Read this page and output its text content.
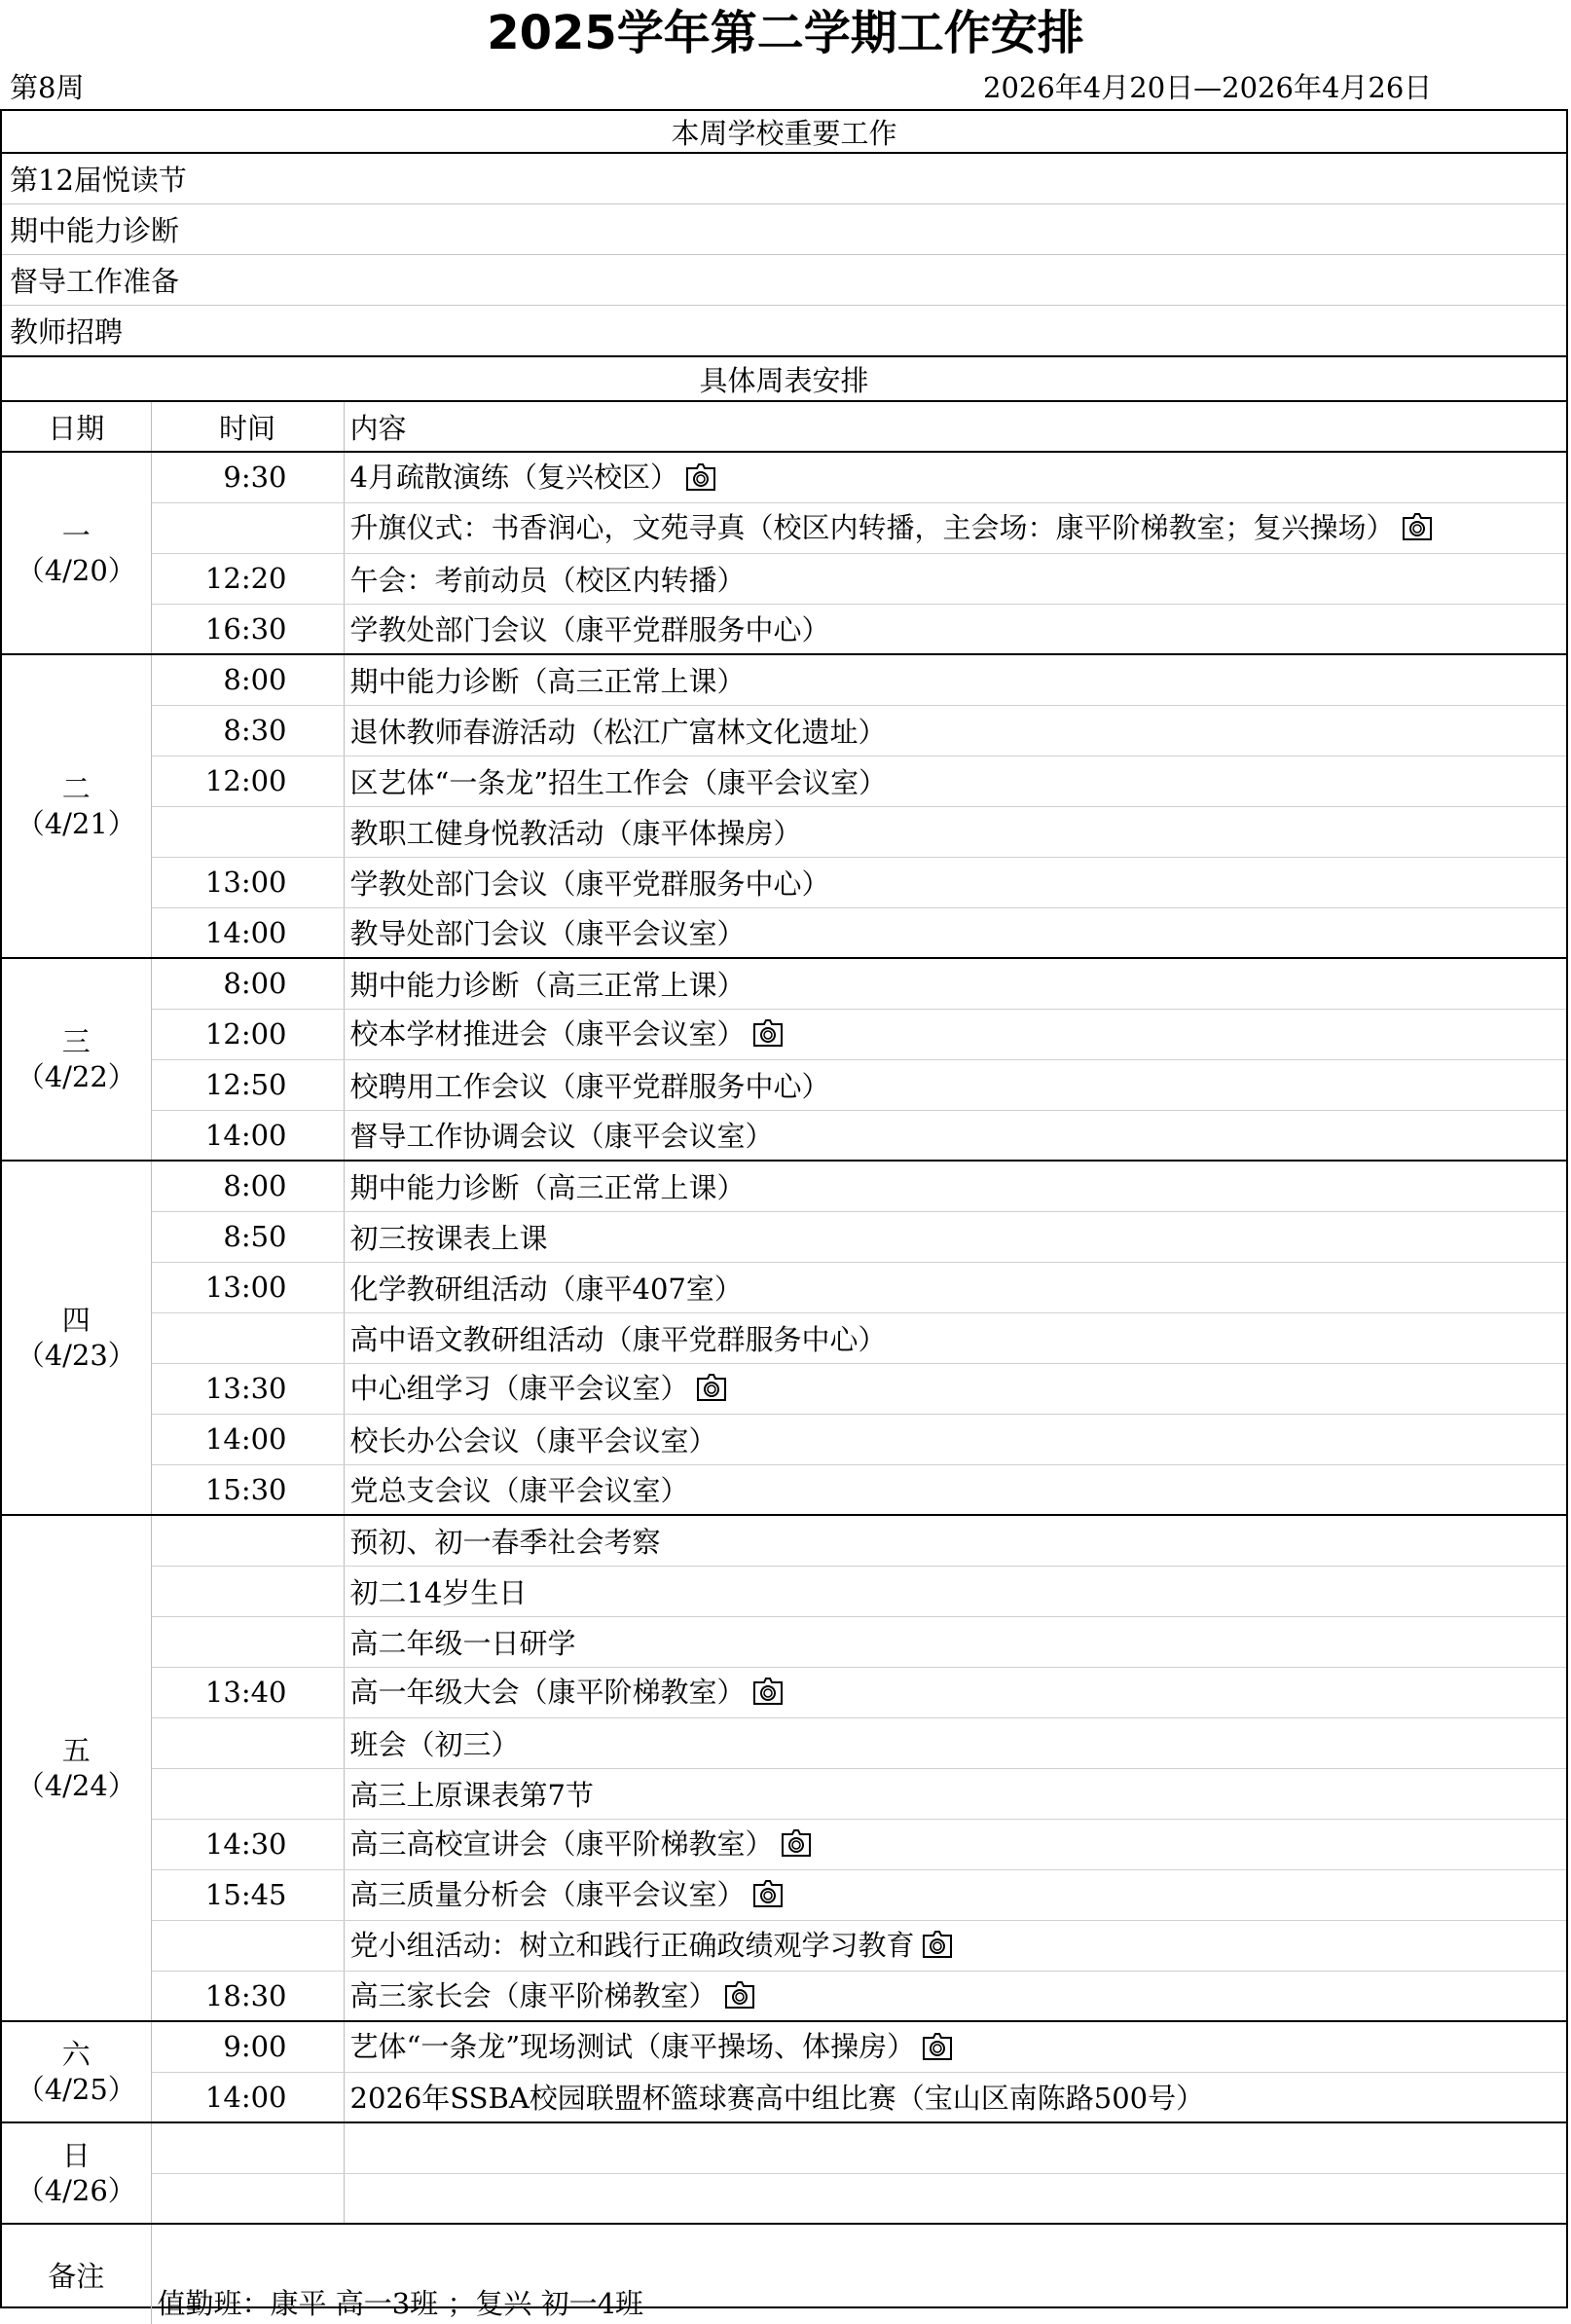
2025学年第二学期工作安排
第8周	2026年4月20日—2026年4月26日
本周学校重要工作		
第12届悦读节		
期中能力诊断		
督导工作准备		
教师招聘		
具体周表安排		
日期	时间	内容

一
（4/20）	9:30	4月疏散演练（复兴校区）
		升旗仪式：书香润心，文苑寻真（校区内转播，主会场：康平阶梯教室；复兴操场）
	12:20	午会：考前动员（校区内转播）
	16:30	学教处部门会议（康平党群服务中心）

二
（4/21）	8:00	期中能力诊断（高三正常上课）
	8:30	退休教师春游活动（松江广富林文化遗址）
	12:00	区艺体“一条龙”招生工作会（康平会议室）
		教职工健身悦教活动（康平体操房）
	13:00	学教处部门会议（康平党群服务中心）
	14:00	教导处部门会议（康平会议室）

三
（4/22）	8:00	期中能力诊断（高三正常上课）
	12:00	校本学材推进会（康平会议室）
	12:50	校聘用工作会议（康平党群服务中心）
	14:00	督导工作协调会议（康平会议室）

四
（4/23）	8:00	期中能力诊断（高三正常上课）
	8:50	初三按课表上课
	13:00	化学教研组活动（康平407室）
		高中语文教研组活动（康平党群服务中心）
	13:30	中心组学习（康平会议室）
	14:00	校长办公会议（康平会议室）
	15:30	党总支会议（康平会议室）

五
（4/24）		预初、初一春季社会考察
		初二14岁生日
		高二年级一日研学
	13:40	高一年级大会（康平阶梯教室）
		班会（初三）
		高三上原课表第7节
	14:30	高三高校宣讲会（康平阶梯教室）
	15:45	高三质量分析会（康平会议室）
		党小组活动：树立和践行正确政绩观学习教育
	18:30	高三家长会（康平阶梯教室）

六
（4/25）	9:00	艺体“一条龙”现场测试（康平操场、体操房）
	14:00	2026年SSBA校园联盟杯篮球赛高中组比赛（宝山区南陈路500号）

日
（4/26）		

备注	值勤班：康平 高一3班 ；复兴 初一4班	
